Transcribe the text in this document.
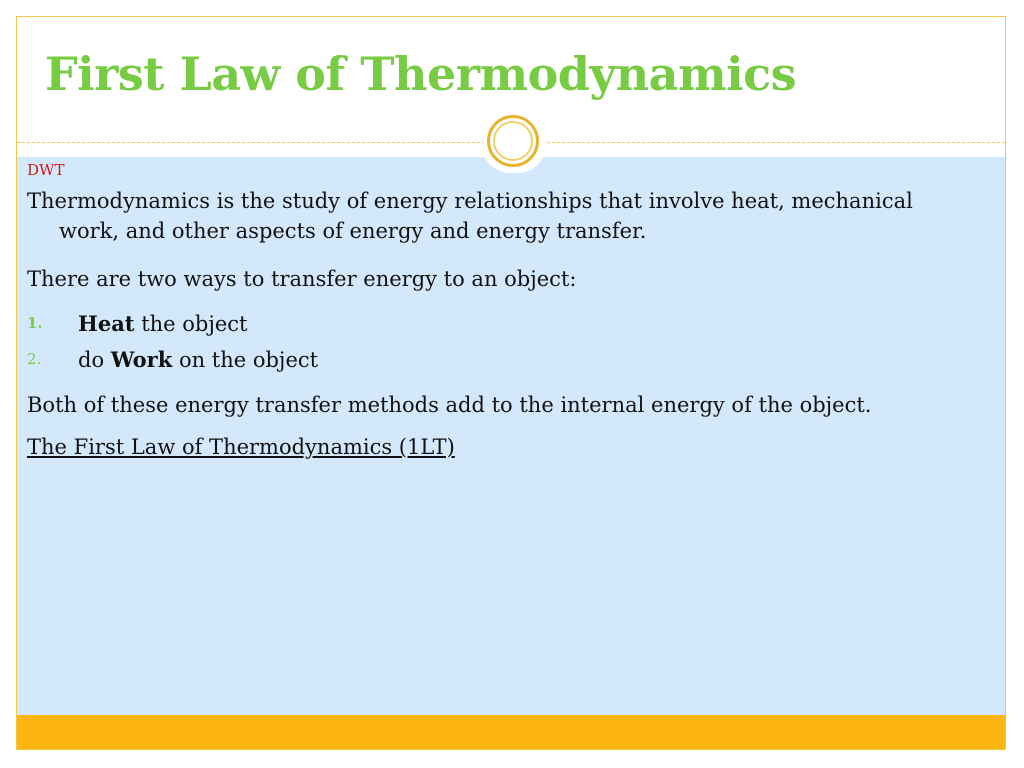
First Law of Thermodynamics
DWT

Thermodynamics is the study of energy relationships that involve heat, mechanical work, and other aspects of energy and energy transfer.

There are two ways to transfer energy to an object:

1. Heat the object
2. do Work on the object

Both of these energy transfer methods add to the internal energy of the object.

The First Law of Thermodynamics (1LT)
